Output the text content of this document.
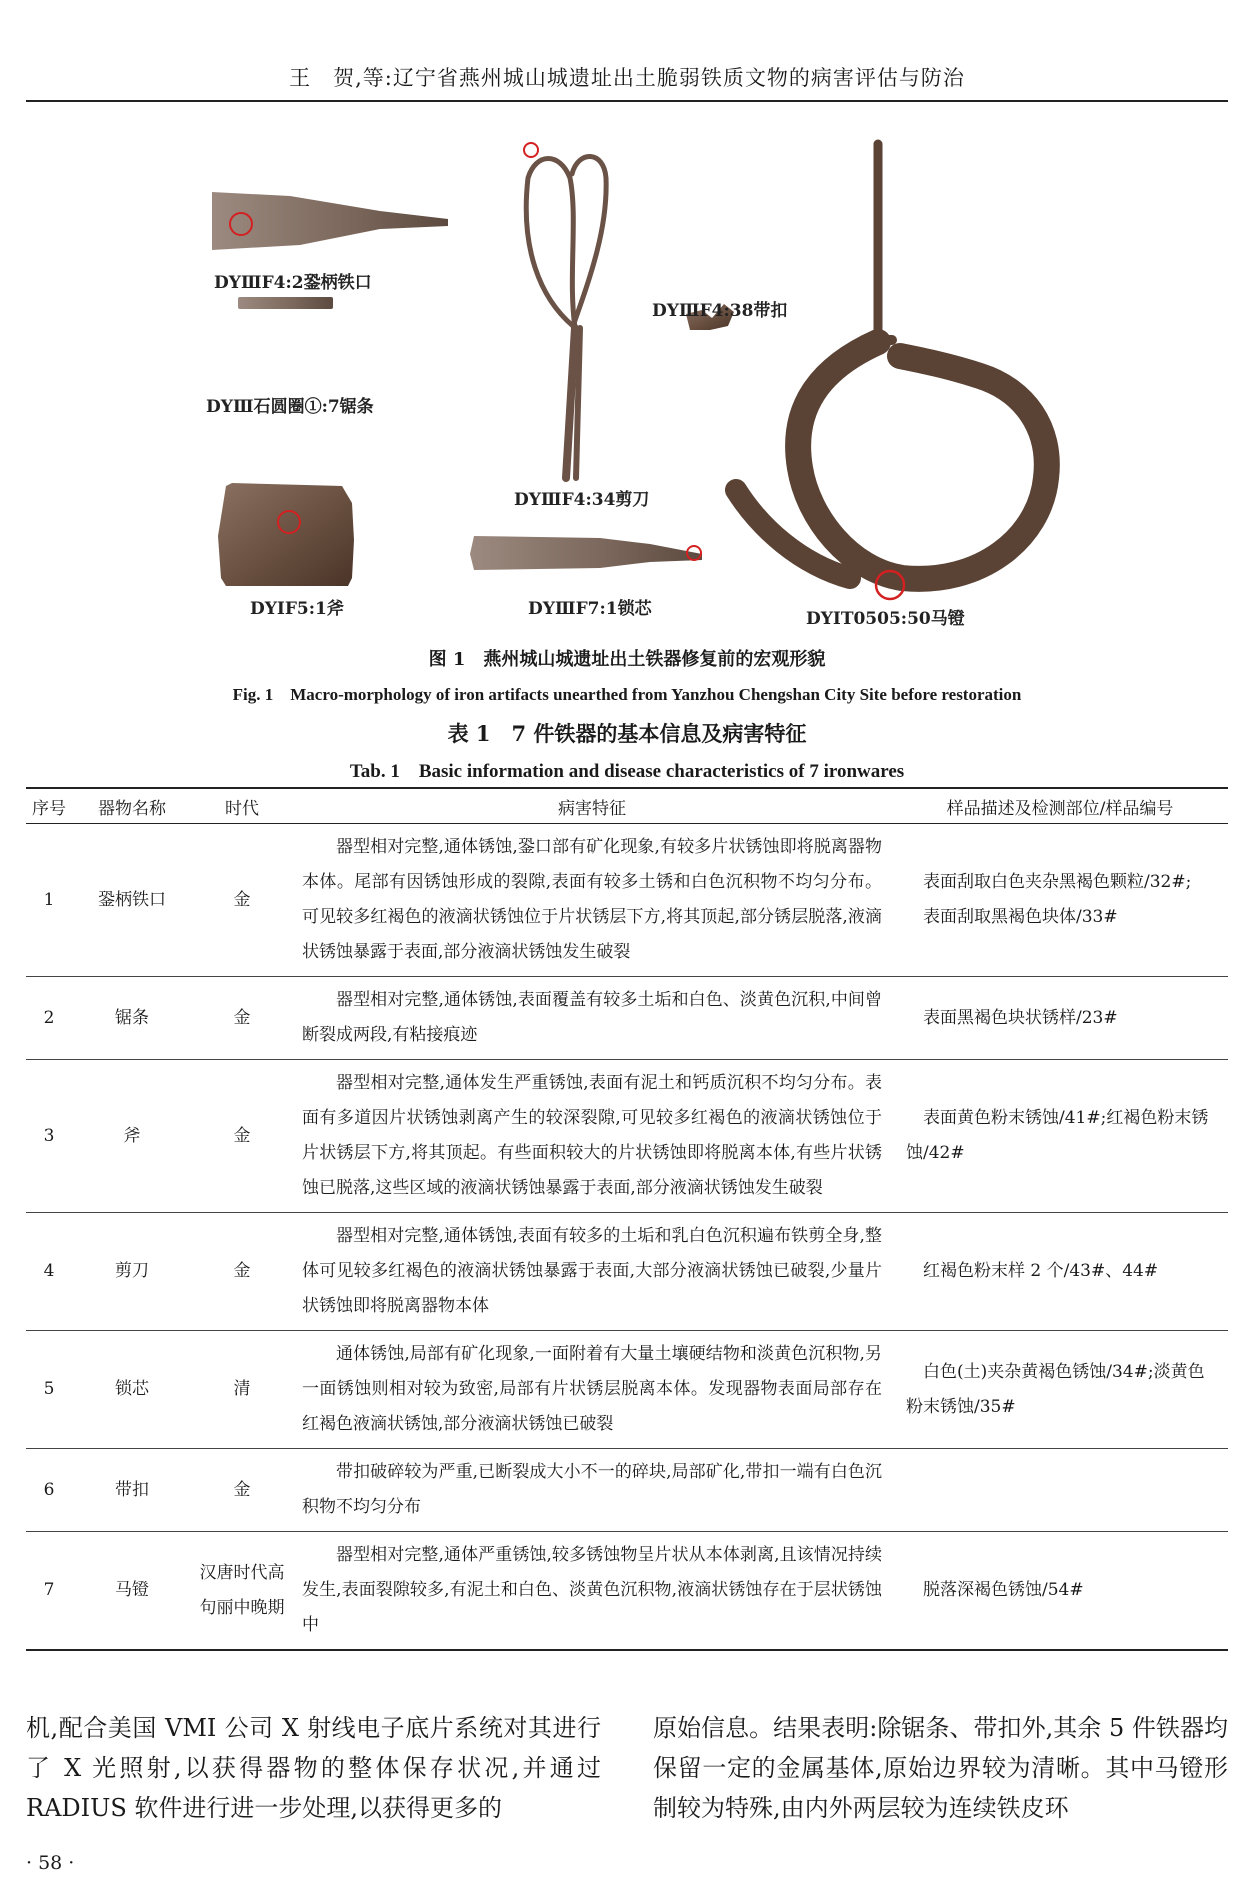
王　贺,等:辽宁省燕州城山城遗址出土脆弱铁质文物的病害评估与防治
DYⅢF4:2銎柄铁口
DYⅢ石圆圈①:7锯条
DYⅠF5:1斧
DYⅢF4:34剪刀
DYⅢF4:38带扣
DYⅢF7:1锁芯	DYⅠT0505:50马镫
图 1　燕州城山城遗址出土铁器修复前的宏观形貌
Fig. 1　Macro-morphology of iron artifacts unearthed from Yanzhou Chengshan City Site before restoration
表 1　7 件铁器的基本信息及病害特征
Tab. 1　Basic information and disease characteristics of 7 ironwares
序号	器物名称	时代	病害特征	样品描述及检测部位/样品编号
1	銎柄铁口	金	器型相对完整,通体锈蚀,銎口部有矿化现象,有较多片状锈蚀即将脱离器物本体。尾部有因锈蚀形成的裂隙,表面有较多土锈和白色沉积物不均匀分布。可见较多红褐色的液滴状锈蚀位于片状锈层下方,将其顶起,部分锈层脱落,液滴状锈蚀暴露于表面,部分液滴状锈蚀发生破裂	表面刮取白色夹杂黑褐色颗粒/32#;
表面刮取黑褐色块体/33#

2	锯条	金	器型相对完整,通体锈蚀,表面覆盖有较多土垢和白色、淡黄色沉积,中间曾断裂成两段,有粘接痕迹	表面黑褐色块状锈样/23#

3	斧	金	器型相对完整,通体发生严重锈蚀,表面有泥土和钙质沉积不均匀分布。表面有多道因片状锈蚀剥离产生的较深裂隙,可见较多红褐色的液滴状锈蚀位于片状锈层下方,将其顶起。有些面积较大的片状锈蚀即将脱离本体,有些片状锈蚀已脱落,这些区域的液滴状锈蚀暴露于表面,部分液滴状锈蚀发生破裂	表面黄色粉末锈蚀/41#;红褐色粉末锈蚀/42#

4	剪刀	金	器型相对完整,通体锈蚀,表面有较多的土垢和乳白色沉积遍布铁剪全身,整体可见较多红褐色的液滴状锈蚀暴露于表面,大部分液滴状锈蚀已破裂,少量片状锈蚀即将脱离器物本体	红褐色粉末样 2 个/43#、44#

5	锁芯	清	通体锈蚀,局部有矿化现象,一面附着有大量土壤硬结物和淡黄色沉积物,另一面锈蚀则相对较为致密,局部有片状锈层脱离本体。发现器物表面局部存在红褐色液滴状锈蚀,部分液滴状锈蚀已破裂	白色(土)夹杂黄褐色锈蚀/34#;淡黄色粉末锈蚀/35#

6	带扣	金	带扣破碎较为严重,已断裂成大小不一的碎块,局部矿化,带扣一端有白色沉积物不均匀分布	

7	马镫	汉唐时代高句丽中晚期	器型相对完整,通体严重锈蚀,较多锈蚀物呈片状从本体剥离,且该情况持续发生,表面裂隙较多,有泥土和白色、淡黄色沉积物,液滴状锈蚀存在于层状锈蚀中	脱落深褐色锈蚀/54#
机,配合美国 VMI 公司 X 射线电子底片系统对其进行了 X 光照射,以获得器物的整体保存状况,并通过 RADIUS 软件进行进一步处理,以获得更多的
原始信息。结果表明:除锯条、带扣外,其余 5 件铁器均保留一定的金属基体,原始边界较为清晰。其中马镫形制较为特殊,由内外两层较为连续铁皮环
· 58 ·
